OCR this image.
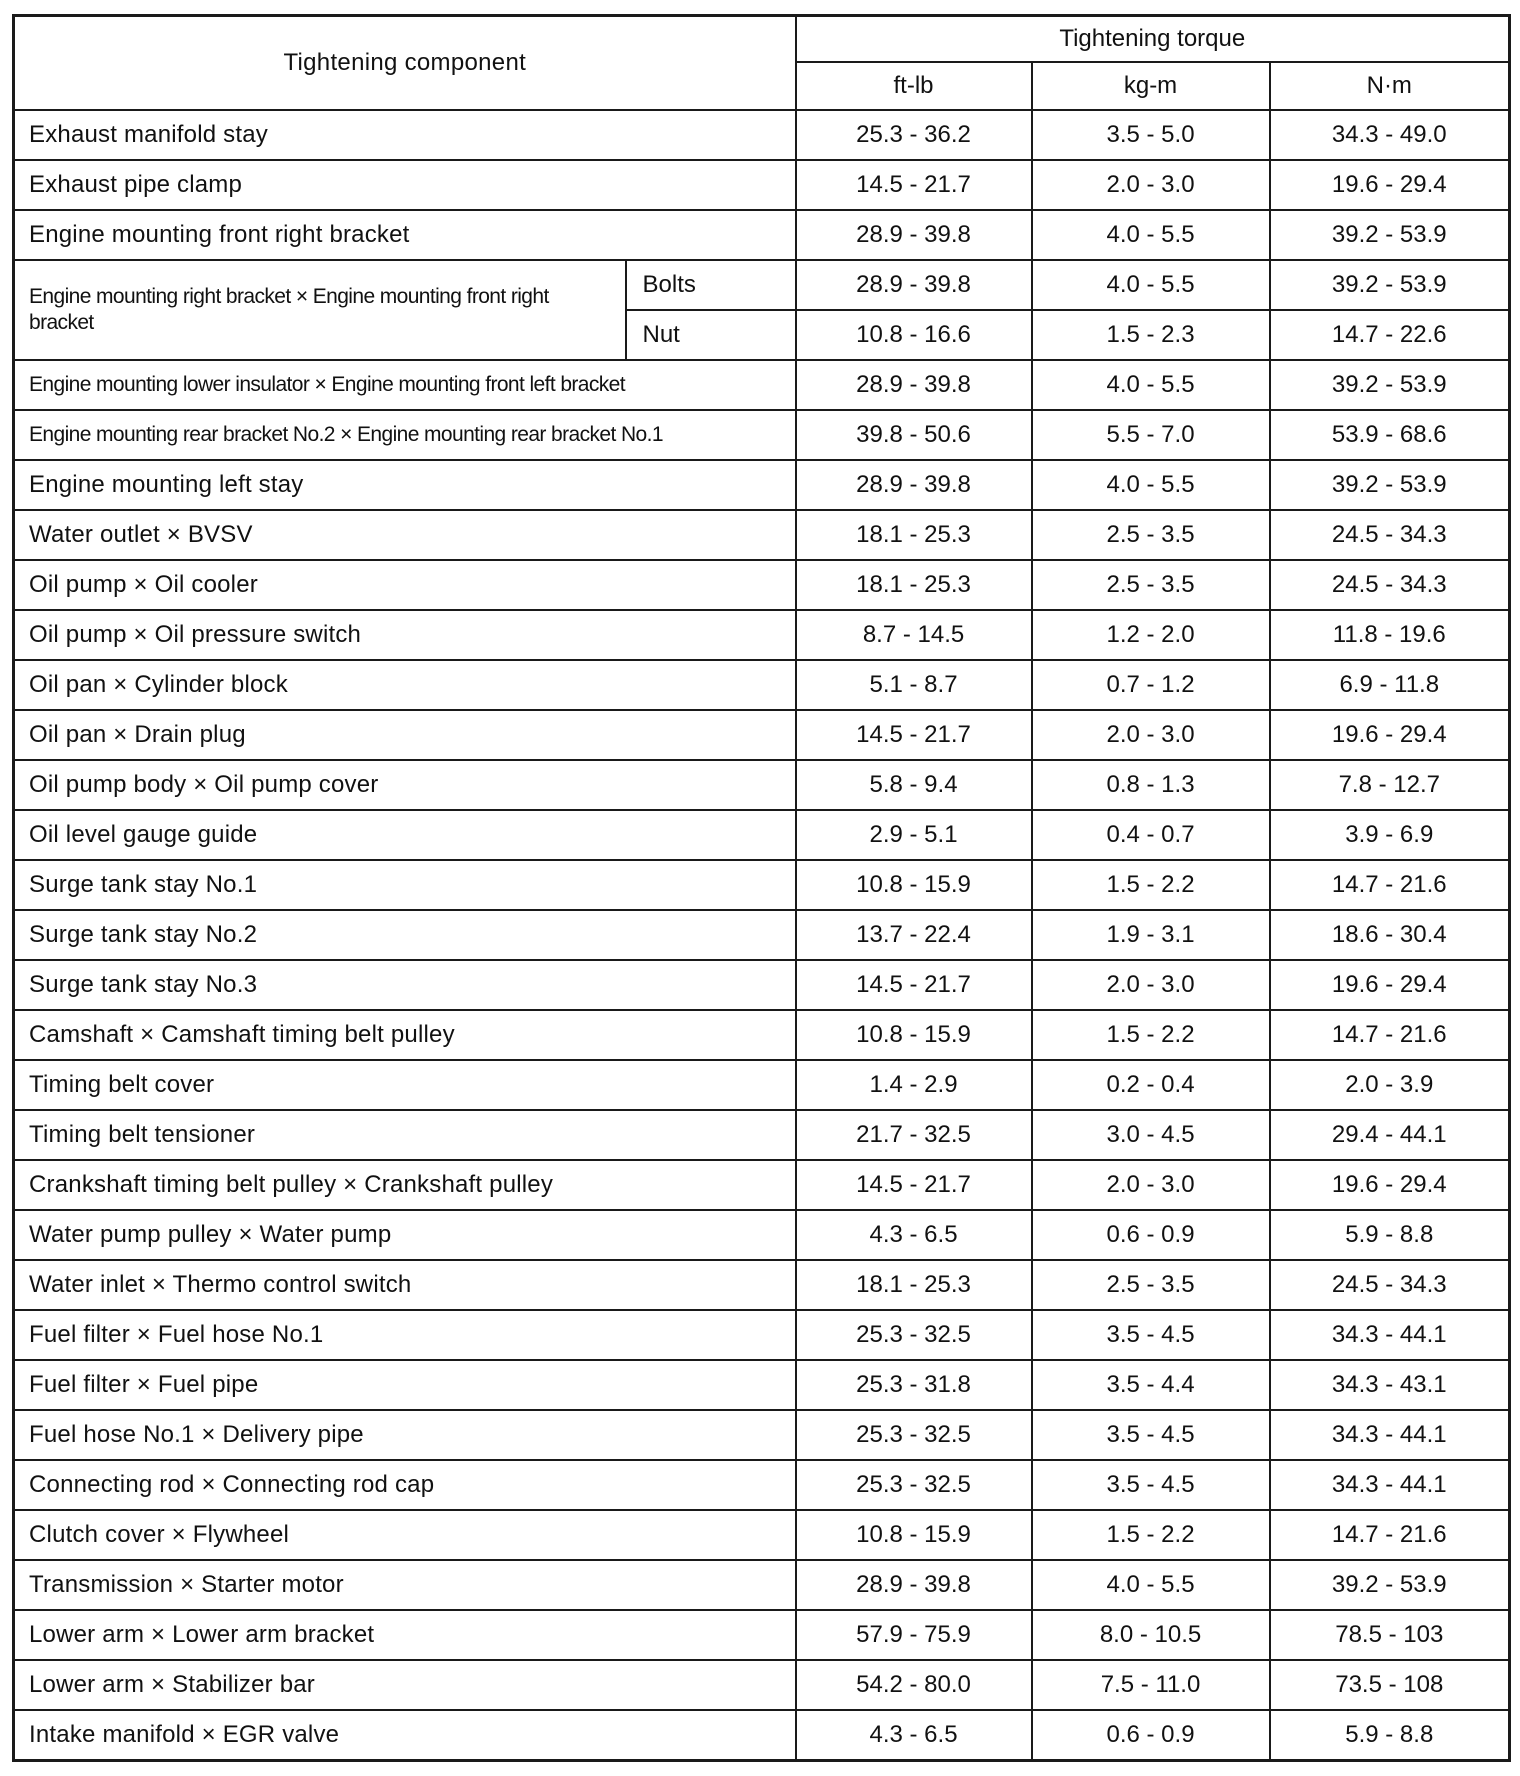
Tightening component		Tightening torque		
		ft-lb	kg-m	N·m
Exhaust manifold stay		25.3 - 36.2	3.5 - 5.0	34.3 - 49.0
Exhaust pipe clamp		14.5 - 21.7	2.0 - 3.0	19.6 - 29.4
Engine mounting front right bracket		28.9 - 39.8	4.0 - 5.5	39.2 - 53.9
Engine mounting right bracket × Engine mounting front right bracket	Bolts	28.9 - 39.8	4.0 - 5.5	39.2 - 53.9
	Nut	10.8 - 16.6	1.5 - 2.3	14.7 - 22.6
Engine mounting lower insulator × Engine mounting front left bracket		28.9 - 39.8	4.0 - 5.5	39.2 - 53.9
Engine mounting rear bracket No.2 × Engine mounting rear bracket No.1		39.8 - 50.6	5.5 - 7.0	53.9 - 68.6
Engine mounting left stay		28.9 - 39.8	4.0 - 5.5	39.2 - 53.9
Water outlet × BVSV		18.1 - 25.3	2.5 - 3.5	24.5 - 34.3
Oil pump × Oil cooler		18.1 - 25.3	2.5 - 3.5	24.5 - 34.3
Oil pump × Oil pressure switch		8.7 - 14.5	1.2 - 2.0	11.8 - 19.6
Oil pan × Cylinder block		5.1 - 8.7	0.7 - 1.2	6.9 - 11.8
Oil pan × Drain plug		14.5 - 21.7	2.0 - 3.0	19.6 - 29.4
Oil pump body × Oil pump cover		5.8 - 9.4	0.8 - 1.3	7.8 - 12.7
Oil level gauge guide		2.9 - 5.1	0.4 - 0.7	3.9 - 6.9
Surge tank stay No.1		10.8 - 15.9	1.5 - 2.2	14.7 - 21.6
Surge tank stay No.2		13.7 - 22.4	1.9 - 3.1	18.6 - 30.4
Surge tank stay No.3		14.5 - 21.7	2.0 - 3.0	19.6 - 29.4
Camshaft × Camshaft timing belt pulley		10.8 - 15.9	1.5 - 2.2	14.7 - 21.6
Timing belt cover		1.4 - 2.9	0.2 - 0.4	2.0 - 3.9
Timing belt tensioner		21.7 - 32.5	3.0 - 4.5	29.4 - 44.1
Crankshaft timing belt pulley × Crankshaft pulley		14.5 - 21.7	2.0 - 3.0	19.6 - 29.4
Water pump pulley × Water pump		4.3 - 6.5	0.6 - 0.9	5.9 - 8.8
Water inlet × Thermo control switch		18.1 - 25.3	2.5 - 3.5	24.5 - 34.3
Fuel filter × Fuel hose No.1		25.3 - 32.5	3.5 - 4.5	34.3 - 44.1
Fuel filter × Fuel pipe		25.3 - 31.8	3.5 - 4.4	34.3 - 43.1
Fuel hose No.1 × Delivery pipe		25.3 - 32.5	3.5 - 4.5	34.3 - 44.1
Connecting rod × Connecting rod cap		25.3 - 32.5	3.5 - 4.5	34.3 - 44.1
Clutch cover × Flywheel		10.8 - 15.9	1.5 - 2.2	14.7 - 21.6
Transmission × Starter motor		28.9 - 39.8	4.0 - 5.5	39.2 - 53.9
Lower arm × Lower arm bracket		57.9 - 75.9	8.0 - 10.5	78.5 - 103
Lower arm × Stabilizer bar		54.2 - 80.0	7.5 - 11.0	73.5 - 108
Intake manifold × EGR valve		4.3 - 6.5	0.6 - 0.9	5.9 - 8.8
